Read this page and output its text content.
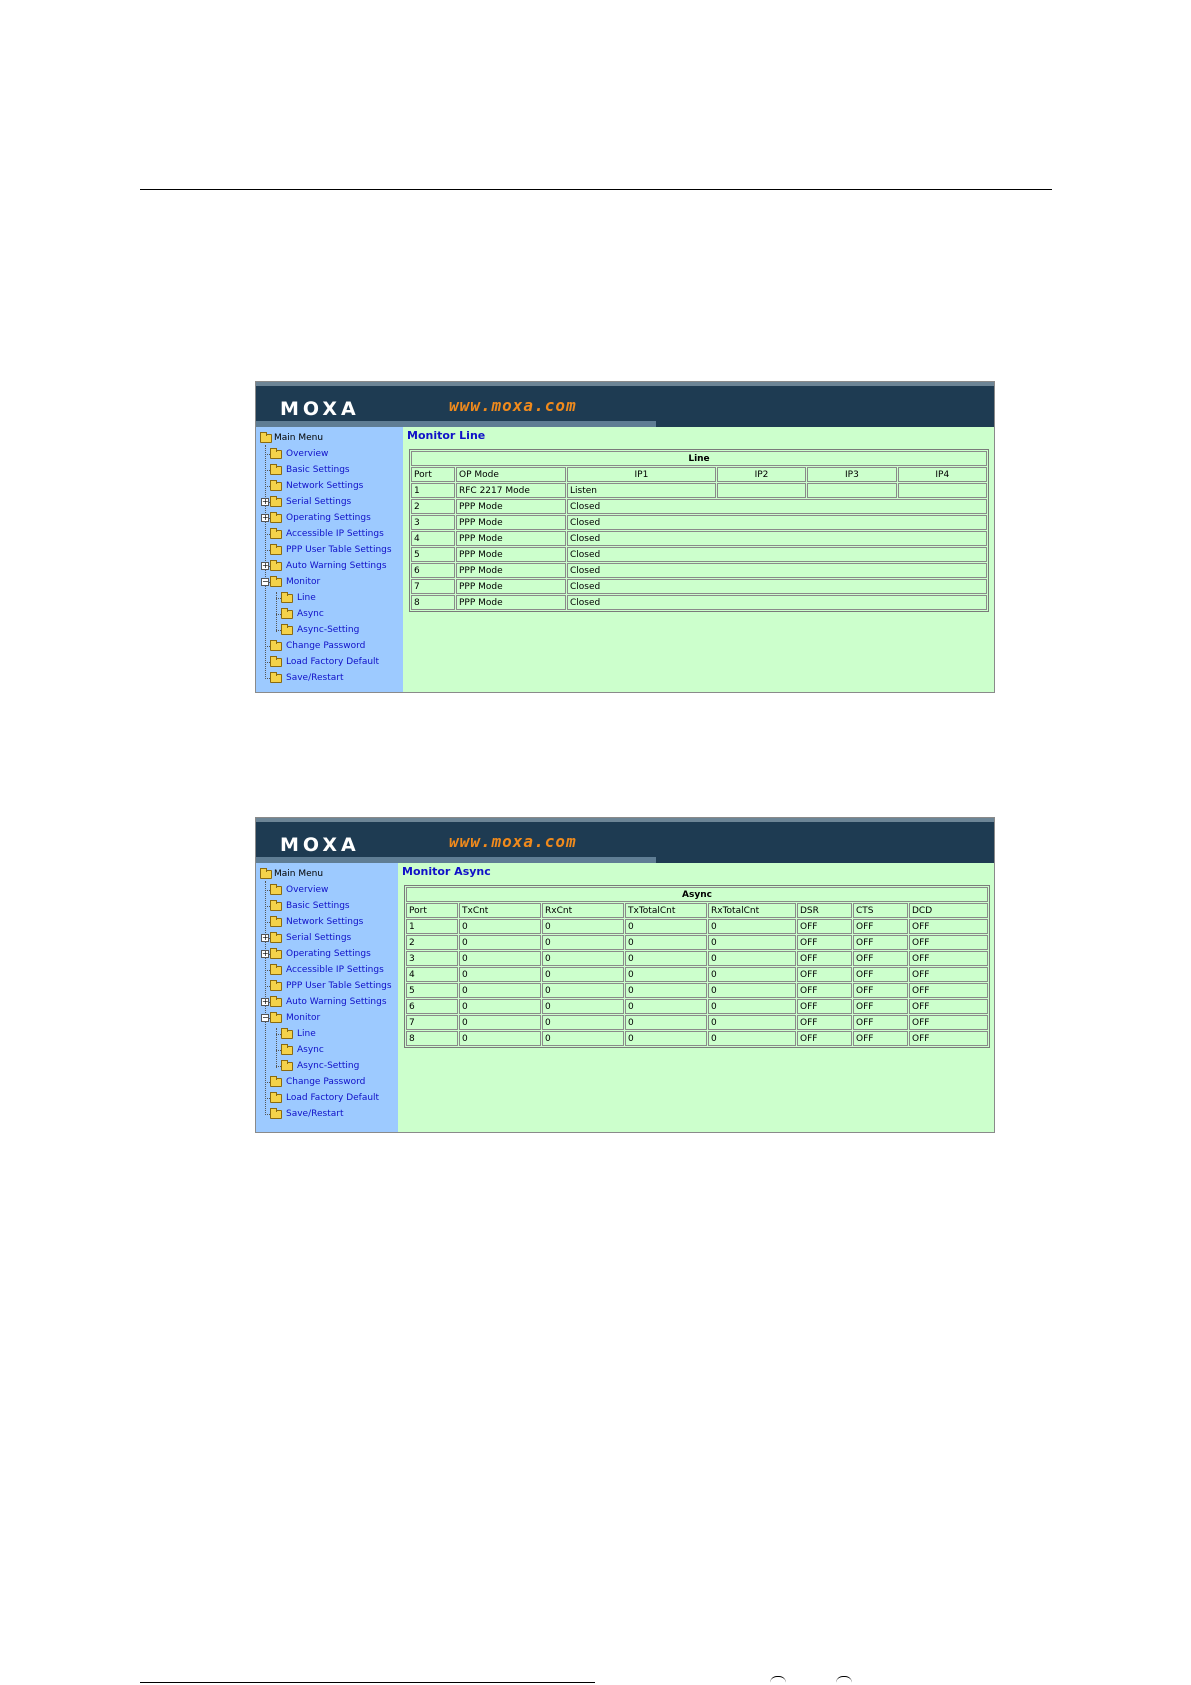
MOXA	www.moxa.com
Main Menu
Overview
Basic Settings
Network Settings
+ Serial Settings
+ Operating Settings
Accessible IP Settings
PPP User Table Settings
+ Auto Warning Settings
− Monitor
Line
Async
Async-Setting
Change Password
Load Factory Default
Save/Restart
Monitor Line
Line					
Port	OP Mode	IP1	IP2	IP3	IP4
1	RFC 2217 Mode	Listen			
2	PPP Mode	Closed			
3	PPP Mode	Closed			
4	PPP Mode	Closed			
5	PPP Mode	Closed			
6	PPP Mode	Closed			
7	PPP Mode	Closed			
8	PPP Mode	Closed			
MOXA	www.moxa.com
Main Menu
Overview
Basic Settings
Network Settings
+ Serial Settings
+ Operating Settings
Accessible IP Settings
PPP User Table Settings
+ Auto Warning Settings
− Monitor
Line
Async
Async-Setting
Change Password
Load Factory Default
Save/Restart
Monitor Async
Async							
Port	TxCnt	RxCnt	TxTotalCnt	RxTotalCnt	DSR	CTS	DCD
1	0	0	0	0	OFF	OFF	OFF
2	0	0	0	0	OFF	OFF	OFF
3	0	0	0	0	OFF	OFF	OFF
4	0	0	0	0	OFF	OFF	OFF
5	0	0	0	0	OFF	OFF	OFF
6	0	0	0	0	OFF	OFF	OFF
7	0	0	0	0	OFF	OFF	OFF
8	0	0	0	0	OFF	OFF	OFF
